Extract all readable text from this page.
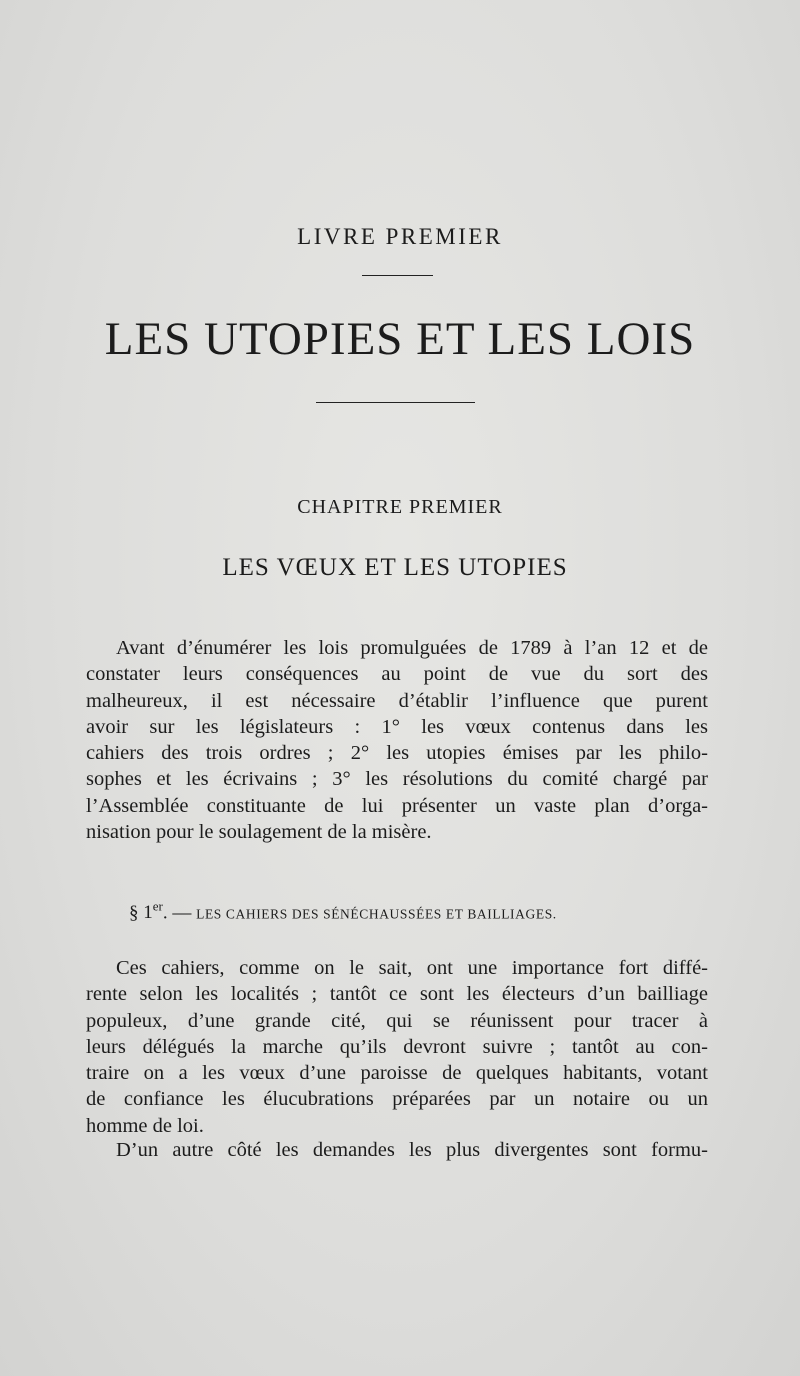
LIVRE PREMIER
LES UTOPIES ET LES LOIS
CHAPITRE PREMIER
LES VŒUX ET LES UTOPIES
Avant d’énumérer les lois promulguées de 1789 à l’an 12 et de
constater leurs conséquences au point de vue du sort des
malheureux, il est nécessaire d’établir l’influence que purent
avoir sur les législateurs : 1° les vœux contenus dans les
cahiers des trois ordres ; 2° les utopies émises par les philo-
sophes et les écrivains ; 3° les résolutions du comité chargé par
l’Assemblée constituante de lui présenter un vaste plan d’orga-
nisation pour le soulagement de la misère.
§ 1er. — LES CAHIERS DES SÉNÉCHAUSSÉES ET BAILLIAGES.
Ces cahiers, comme on le sait, ont une importance fort diffé-
rente selon les localités ; tantôt ce sont les électeurs d’un bailliage
populeux, d’une grande cité, qui se réunissent pour tracer à
leurs délégués la marche qu’ils devront suivre ; tantôt au con-
traire on a les vœux d’une paroisse de quelques habitants, votant
de confiance les élucubrations préparées par un notaire ou un
homme de loi.
D’un autre côté les demandes les plus divergentes sont formu-
